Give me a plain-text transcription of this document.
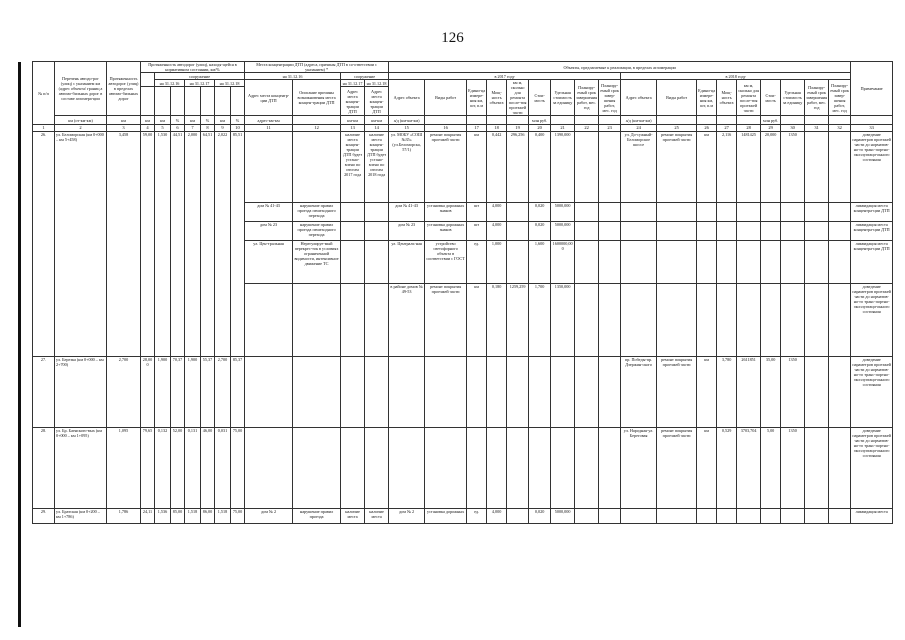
126
№ п/п	Перечень автодо-рог (улиц) с указанием км (адрес объекта/ границ а автомо-бильных дорог в составе агломера-ции	Протяженность автодорог (улиц) в пределах автомо-бильных дорог	Протяженность автодорог (улиц), находя-щейся в нормативном состоянии, км/%							Места концентрации ДТП (адреса, причины ДТП в со-ответствии с указанием) *				Объекты, предлагаемые к реализации, в пределах агломерации																		Примечание
				сооружение						на 31.12.16		сооружение		в 2017 году									в 2018 году									
				на 31.12.16		на 31.12.17		на 31.12.18		Адрес места концентр-ции ДТП	Описание причины возникновения места концен-трации ДТП	на 31.12.17	на 31.12.18	Адрес объекта	Виды работ	Едини-ца измере-ния км, шт, п.м	Мощ-ность объекта	км м, сколько для ремонта после-тия проезжей части	Стои-мость	Удельная стоимость за единицу	Планиру-емый срок завершения работ, мес. год	Планиру-емый срок завер-шения работ, мес. год	Адрес объекта	Виды работ	Едини-ца измере-ния км, шт, п.м	Мощ-ность объекта	км м, сколько для ремонта после-тия проезжей части	Стои-мость	Удельная стоимость за единицу	Планиру-емый срок завершения работ, мес. год	Планиру-емый срок завер-шения работ, мес. год	
												Адрес места концен-трации ДТП	Адрес места концен-трации ДТП																			
	км (от-км-км)	км	км	км	%	км	%	км	%	адрес-км-км		км-км	км-км	а/д (км-км-км)					млн руб.				а/д (км-км-км)					млн руб.				
1	2	3	4	5	6	7	8	9	10	11	12	13	14	15	16	17	18	19	20	21	22	23	24	25	26	27	28	29	30	31	32	33
26.	ул. Беломорская (км 0+000 – км 5+458)	3,458	59,00	1,530	44,51	2,000	64,51	2,022	85,51			наличие места концен-трации ДТП будет устано-влено по итогам 2017 года	наличие места концен-трации ДТП будет устано-влено по итогам 2018 года	ул. МОБУ «СОШ №35» (ул.Беломорска, 57/1)	ремонт покрытия проезжей части	км	0,442	296,256	0,400	1390,000			ул. До-сужный-Беломорское шоссе	ремонт покрытия проезжей части	км	2,116	1481425	20,000	1350			доведение параметров проезжей части до норматив-но-го транс-портно-эксплуатаци-онного состояния
										дом № 41-43	нарушение правил проезда пешеходного перехода			дом № 41-43	установка дорожных знаков	шт	4,000		0,020	5000,000												ликвидация места концентра-ции ДТП
										дом № 23	нарушение правил проезда пешеходного перехода			дом № 23	установка дорожных знаков	шт	4,000		0,020	5000,000												ликвидация места концентра-ции ДТП
										ул. Цен-тральная	Нерегулируе-мый перекрес-ток в условиях ограниченной видимости, интенсивное движение ТС			ул. Централь-ная	устройство светофорного объекта в соответствии с ГОСТ	ед.	1,000		1,600	1600000,000												ликвидация места концентра-ции ДТП
														в районе домов № 49-53	ремонт покрытия проезжей части	км	0,180	1259,259	1,700	1350,000												доведение параметров проезжей части до норматив-но-го транс-портно-эксплуатаци-онного состояния
27.	ул. Березка (км 0+000 – км 2+700)	2,700	28,000	1,900	70,37	1,900	55,37	2,700	85,37														пр. Победы-пр. Дзержин-ского	ремонт покрытия проезжей части	км	3,780	2611851	35,00	1350			доведение параметров проезжей части до норматив-но-го транс-портно-эксплуатаци-онного состояния
28.	ул. Бр. Баенского-вых (км 0+000 – км 1+095)	1,095	79,65	0,132	52,00	0,131	46,00	0,031	75,00														ул. Народная-ул. Береговая	ремонт покрытия проезжей части	км	0,529	3703,704	5,00	1350			доведение параметров проезжей части до норматив-но-го транс-портно-эксплуатаци-онного состояния
29.	ул. Братская (км 0+200 – км 1+786)	1,786	24,11	1,536	85,00	1,518	86,00	1,518	75,00	дом № 2	нарушение правил проезда	наличие места	наличие места	дом № 2	установка дорожных	ед.	4,000		0,020	5000,000												ликвидация места
